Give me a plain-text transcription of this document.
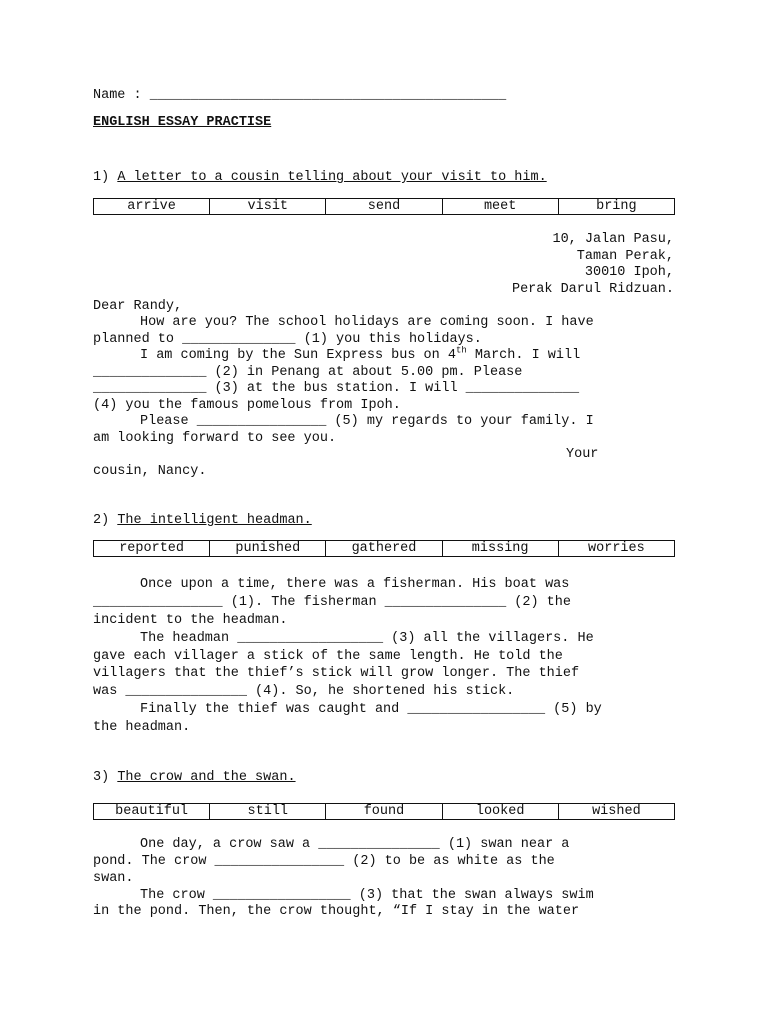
Name : ____________________________________________
ENGLISH ESSAY PRACTISE
1) A letter to a cousin telling about your visit to him.
arrive	visit	send	meet	bring
10, Jalan Pasu,
Taman Perak,
30010 Ipoh,
Perak Darul Ridzuan.
Dear Randy,
How are you? The school holidays are coming soon. I have
planned to ______________ (1) you this holidays.
I am coming by the Sun Express bus on 4th March. I will
______________ (2) in Penang at about 5.00 pm. Please
______________ (3) at the bus station. I will ______________
(4) you the famous pomelous from Ipoh.
Please ________________ (5) my regards to your family. I
am looking forward to see you.
Your
cousin, Nancy.
2) The intelligent headman.
reported	punished	gathered	missing	worries
Once upon a time, there was a fisherman. His boat was
________________ (1). The fisherman _______________ (2) the
incident to the headman.
The headman __________________ (3) all the villagers. He
gave each villager a stick of the same length. He told the
villagers that the thief’s stick will grow longer. The thief
was _______________ (4). So, he shortened his stick.
Finally the thief was caught and _________________ (5) by
the headman.
3) The crow and the swan.
beautiful	still	found	looked	wished
One day, a crow saw a _______________ (1) swan near a
pond. The crow ________________ (2) to be as white as the
swan.
The crow _________________ (3) that the swan always swim
in the pond. Then, the crow thought, “If I stay in the water
